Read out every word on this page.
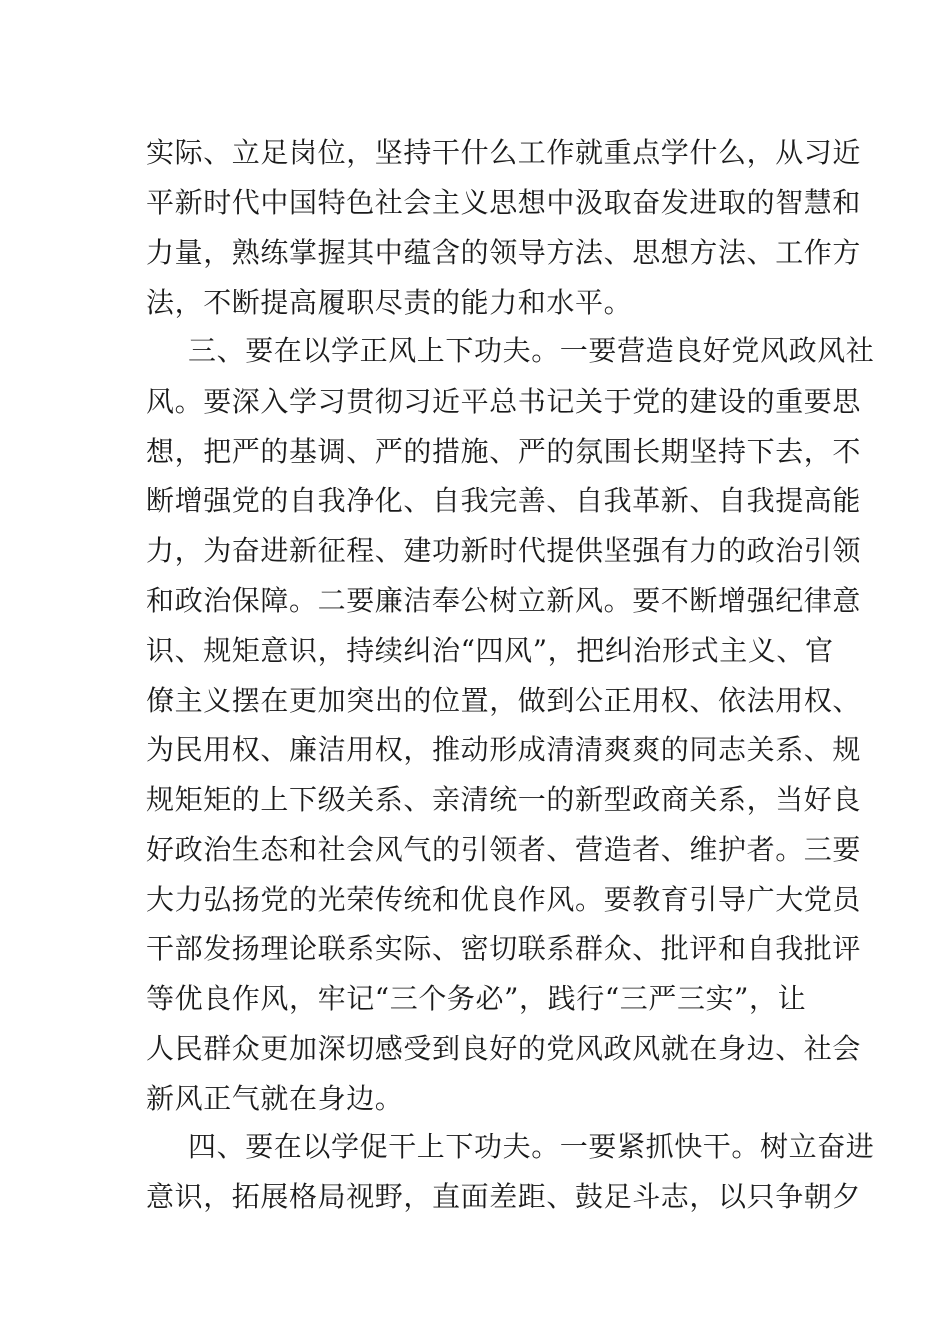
实际、立足岗位，坚持干什么工作就重点学什么，从习近
平新时代中国特色社会主义思想中汲取奋发进取的智慧和
力量，熟练掌握其中蕴含的领导方法、思想方法、工作方
法，不断提高履职尽责的能力和水平。
三、要在以学正风上下功夫。一要营造良好党风政风社
风。要深入学习贯彻习近平总书记关于党的建设的重要思
想，把严的基调、严的措施、严的氛围长期坚持下去，不
断增强党的自我净化、自我完善、自我革新、自我提高能
力，为奋进新征程、建功新时代提供坚强有力的政治引领
和政治保障。二要廉洁奉公树立新风。要不断增强纪律意
识、规矩意识，持续纠治“四风”，把纠治形式主义、官
僚主义摆在更加突出的位置，做到公正用权、依法用权、
为民用权、廉洁用权，推动形成清清爽爽的同志关系、规
规矩矩的上下级关系、亲清统一的新型政商关系，当好良
好政治生态和社会风气的引领者、营造者、维护者。三要
大力弘扬党的光荣传统和优良作风。要教育引导广大党员
干部发扬理论联系实际、密切联系群众、批评和自我批评
等优良作风，牢记“三个务必”，践行“三严三实”，让
人民群众更加深切感受到良好的党风政风就在身边、社会
新风正气就在身边。
四、要在以学促干上下功夫。一要紧抓快干。树立奋进
意识，拓展格局视野，直面差距、鼓足斗志，以只争朝夕
